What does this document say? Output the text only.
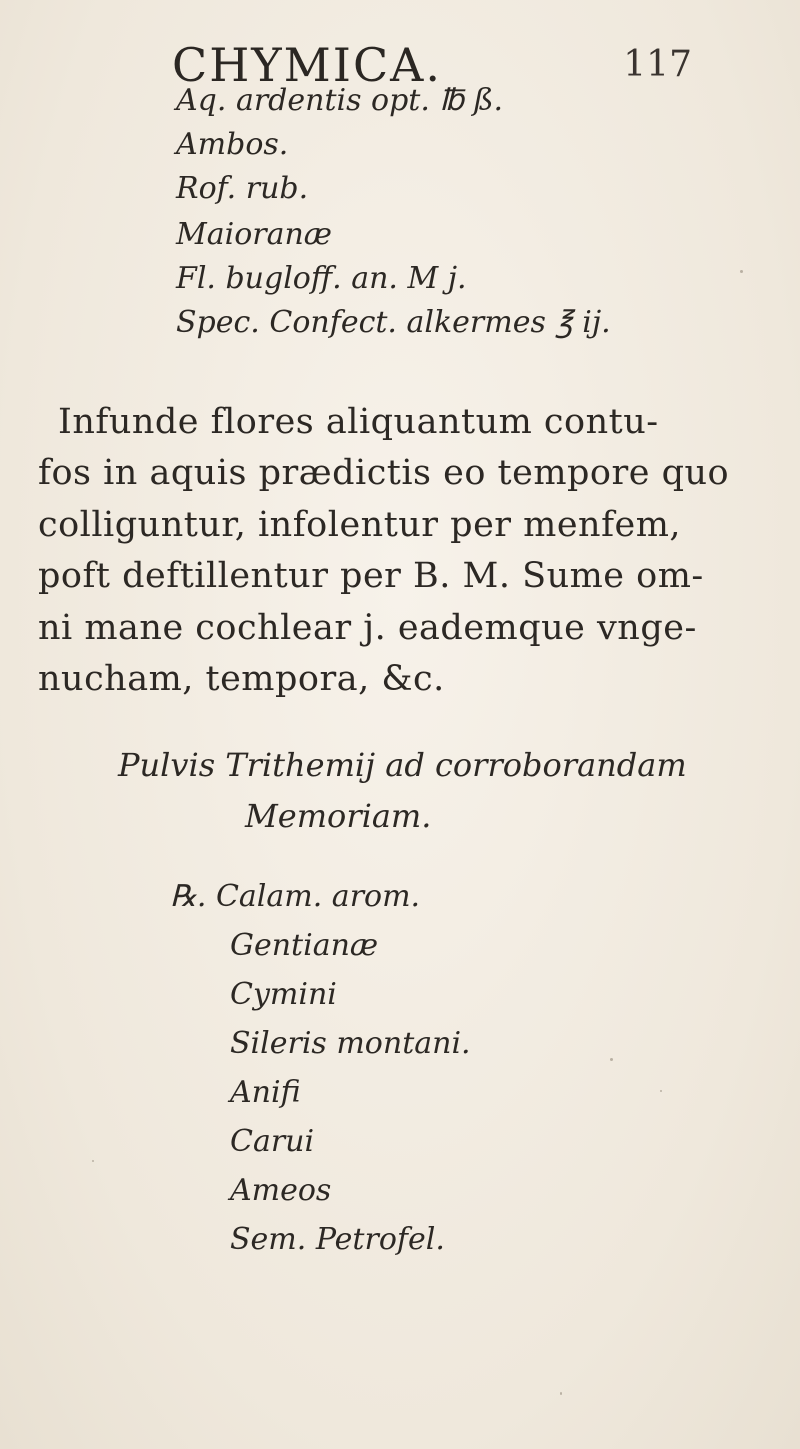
CHYMICA.	117
Aq. ardentis opt. ℔ ß.
Ambos.
Rof. rub.
Maioranæ
Fl. bugloff. an. M j.
Spec. Confect. alkermes ℥ ij.
Infunde flores aliquantum contu-
fos in aquis prædictis eo tempore quo
colliguntur, infolentur per menfem,
poft deftillentur per B. M. Sume om-
ni mane cochlear j. eademque vnge-
nucham, tempora, &c.
Pulvis Trithemij ad corroborandam
Memoriam.
℞. Calam. arom.
Gentianæ
Cymini
Sileris montani.
Anifi
Carui
Ameos
Sem. Petrofel.
